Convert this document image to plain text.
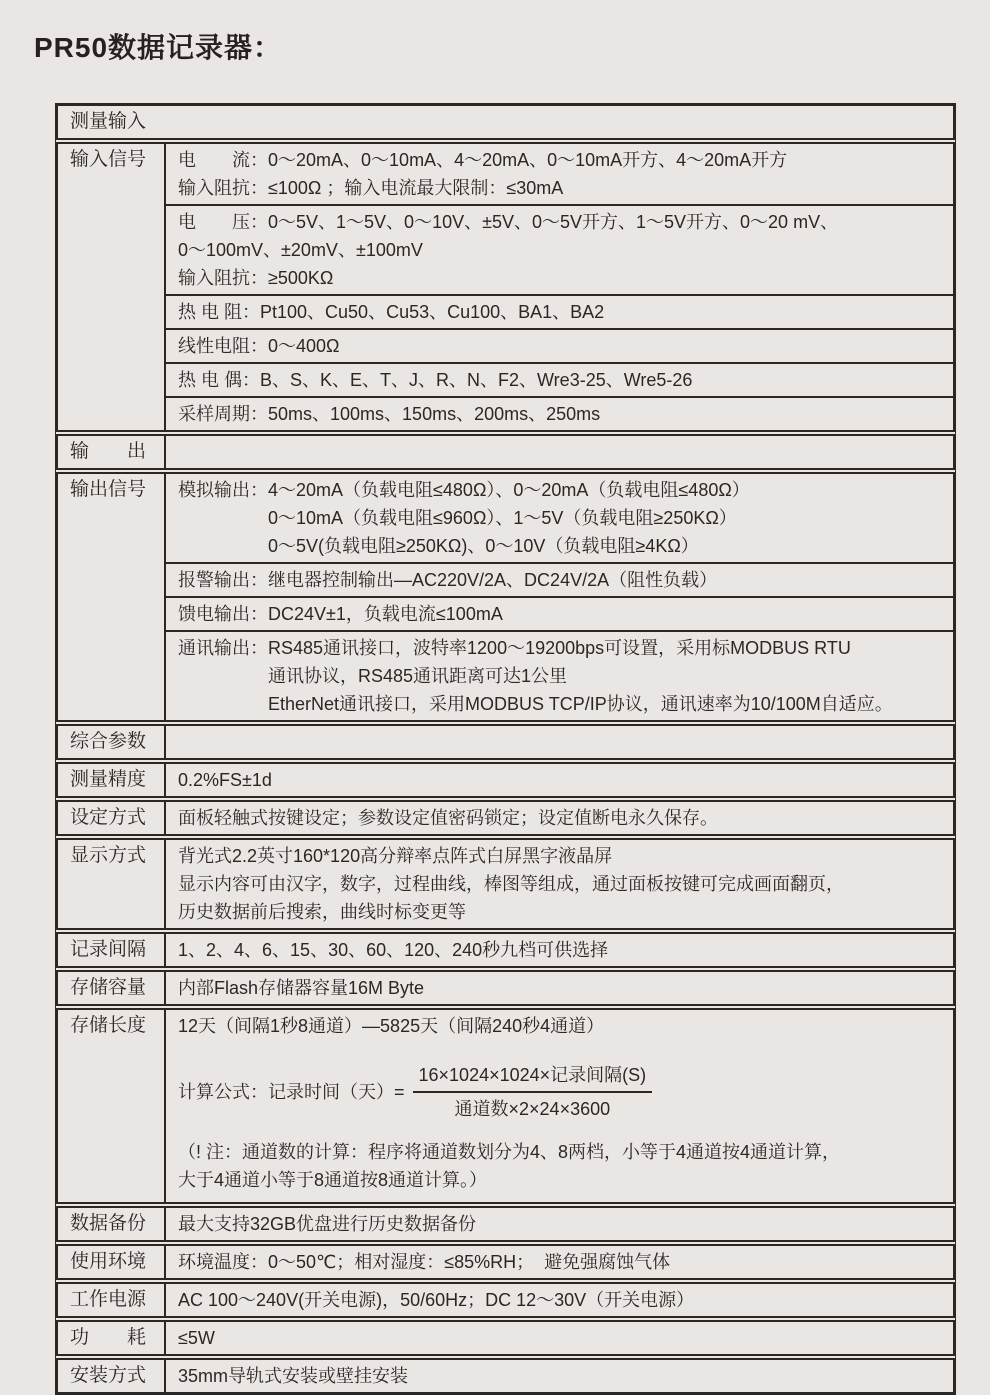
PR50数据记录器：
测量输入
输入信号	电　　流：0～20mA、0～10mA、4～20mA、0～10mA开方、4～20mA开方
输入阻抗：≤100Ω ；输入电流最大限制：≤30mA
电　　压：0～5V、1～5V、0～10V、±5V、0～5V开方、1～5V开方、0～20 mV、
0～100mV、±20mV、±100mV
输入阻抗：≥500KΩ
热 电 阻：Pt100、Cu50、Cu53、Cu100、BA1、BA2
线性电阻：0～400Ω
热 电 偶：B、S、K、E、T、J、R、N、F2、Wre3-25、Wre5-26
采样周期：50ms、100ms、150ms、200ms、250ms
输　　出
输出信号	模拟输出：4～20mA（负载电阻≤480Ω）、0～20mA（负载电阻≤480Ω）
　　　　　0～10mA（负载电阻≤960Ω）、1～5V（负载电阻≥250KΩ）
　　　　　0～5V(负载电阻≥250KΩ)、0～10V（负载电阻≥4KΩ）
报警输出：继电器控制输出—AC220V/2A、DC24V/2A（阻性负载）
馈电输出：DC24V±1，负载电流≤100mA
通讯输出：RS485通讯接口，波特率1200～19200bps可设置，采用标MODBUS RTU
　　　　　通讯协议，RS485通讯距离可达1公里
　　　　　EtherNet通讯接口，采用MODBUS TCP/IP协议，通讯速率为10/100M自适应。
综合参数
测量精度	0.2%FS±1d
设定方式	面板轻触式按键设定；参数设定值密码锁定；设定值断电永久保存。
显示方式	背光式2.2英寸160*120高分辩率点阵式白屏黑字液晶屏
显示内容可由汉字，数字，过程曲线，棒图等组成，通过面板按键可完成画面翻页，
历史数据前后搜索，曲线时标变更等
记录间隔	1、2、4、6、15、30、60、120、240秒九档可供选择
存储容量	内部Flash存储器容量16M Byte
存储长度	12天（间隔1秒8通道）—5825天（间隔240秒4通道）
计算公式：记录时间（天）= $\frac{\text{16×1024×1024×记录间隔(S)}}{\text{通道数×2×24×3600}}$
（! 注：通道数的计算：程序将通道数划分为4、8两档，小等于4通道按4通道计算，
大于4通道小等于8通道按8通道计算。）
数据备份	最大支持32GB优盘进行历史数据备份
使用环境	环境温度：0～50℃；相对湿度：≤85%RH；  避免强腐蚀气体
工作电源	AC 100～240V(开关电源)，50/60Hz；DC 12～30V（开关电源）
功　　耗	≤5W
安装方式	35mm导轨式安装或壁挂安装
